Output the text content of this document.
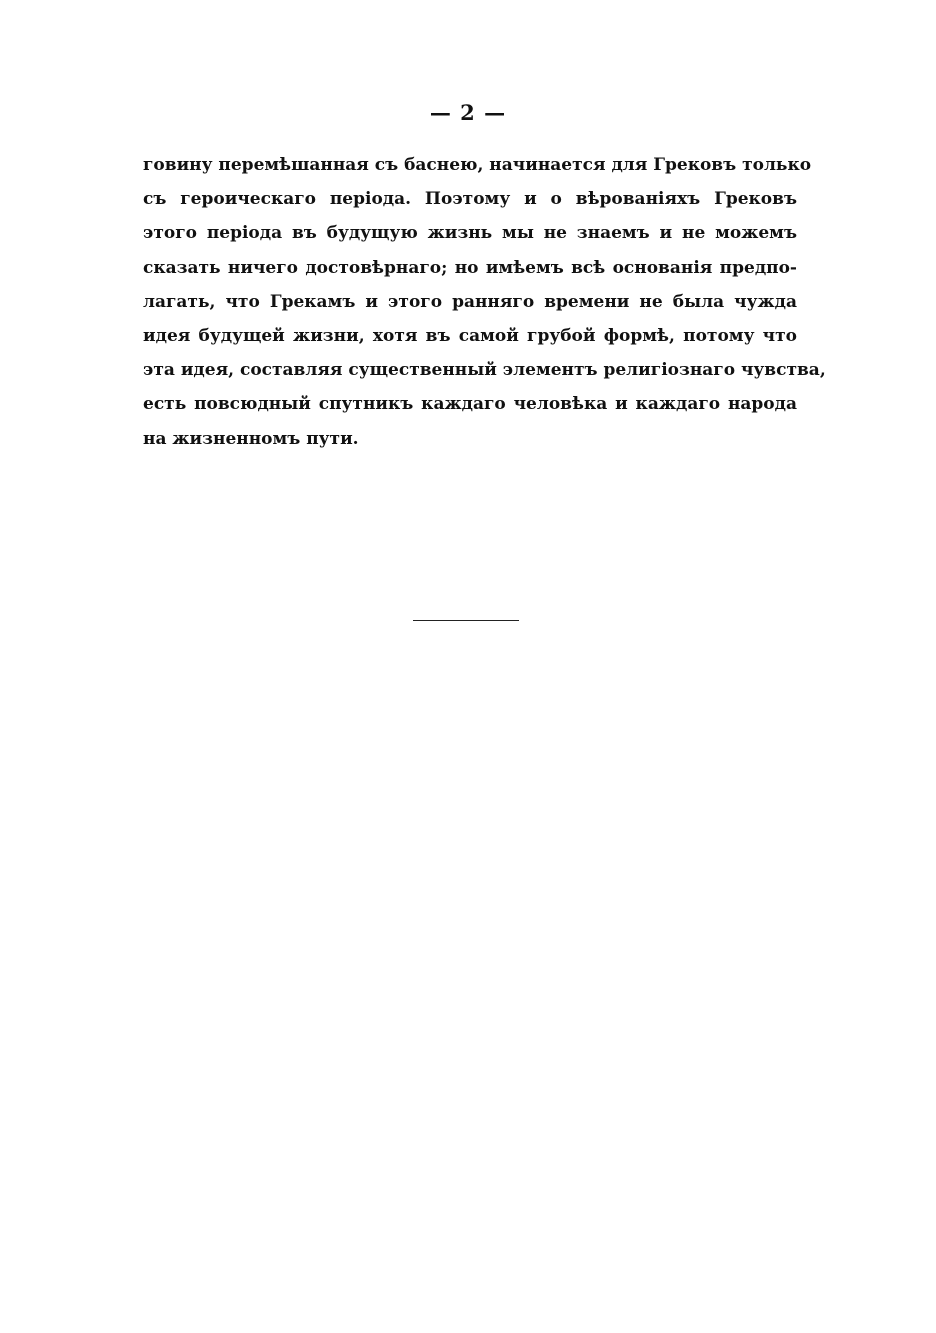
— 2 —
говину перемѣшанная съ баснею, начинается для Грековъ только
съ героическаго періода. Поэтому и о вѣрованіяхъ Грековъ
этого періода въ будущую жизнь мы не знаемъ и не можемъ
сказать ничего достовѣрнаго; но имѣемъ всѣ основанія предпо-
лагать, что Грекамъ и этого ранняго времени не была чужда
идея будущей жизни, хотя въ самой грубой формѣ, потому что
эта идея, составляя существенный элементъ религіознаго чувства,
есть повсюдный спутникъ каждаго человѣка и каждаго народа
на жизненномъ пути.
